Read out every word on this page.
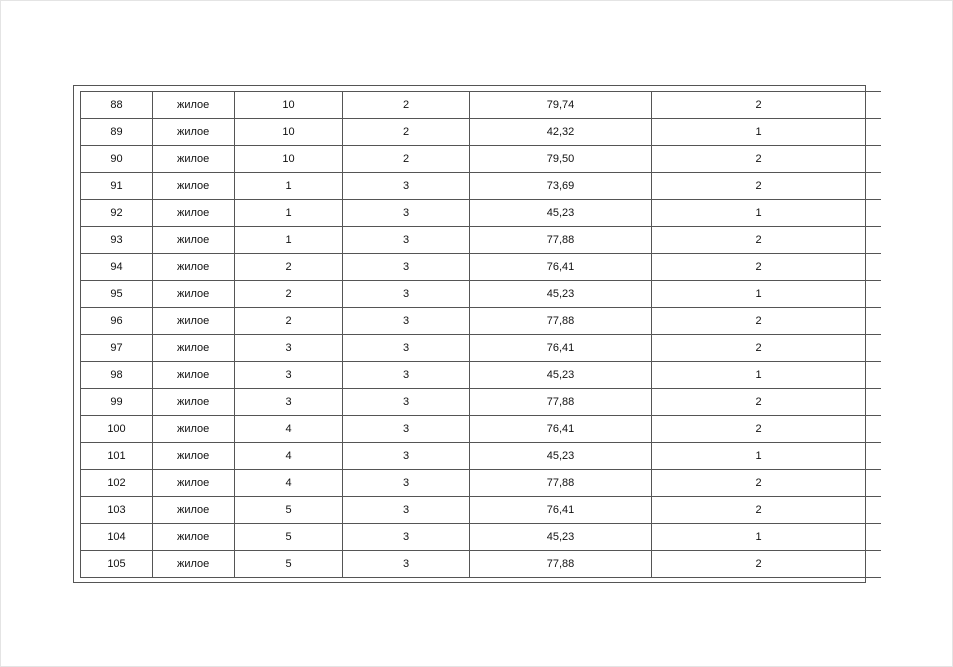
88	жилое	10	2	79,74	2	
89	жилое	10	2	42,32	1	
90	жилое	10	2	79,50	2	
91	жилое	1	3	73,69	2	
92	жилое	1	3	45,23	1	
93	жилое	1	3	77,88	2	
94	жилое	2	3	76,41	2	
95	жилое	2	3	45,23	1	
96	жилое	2	3	77,88	2	
97	жилое	3	3	76,41	2	
98	жилое	3	3	45,23	1	
99	жилое	3	3	77,88	2	
100	жилое	4	3	76,41	2	
101	жилое	4	3	45,23	1	
102	жилое	4	3	77,88	2	
103	жилое	5	3	76,41	2	
104	жилое	5	3	45,23	1	
105	жилое	5	3	77,88	2	
